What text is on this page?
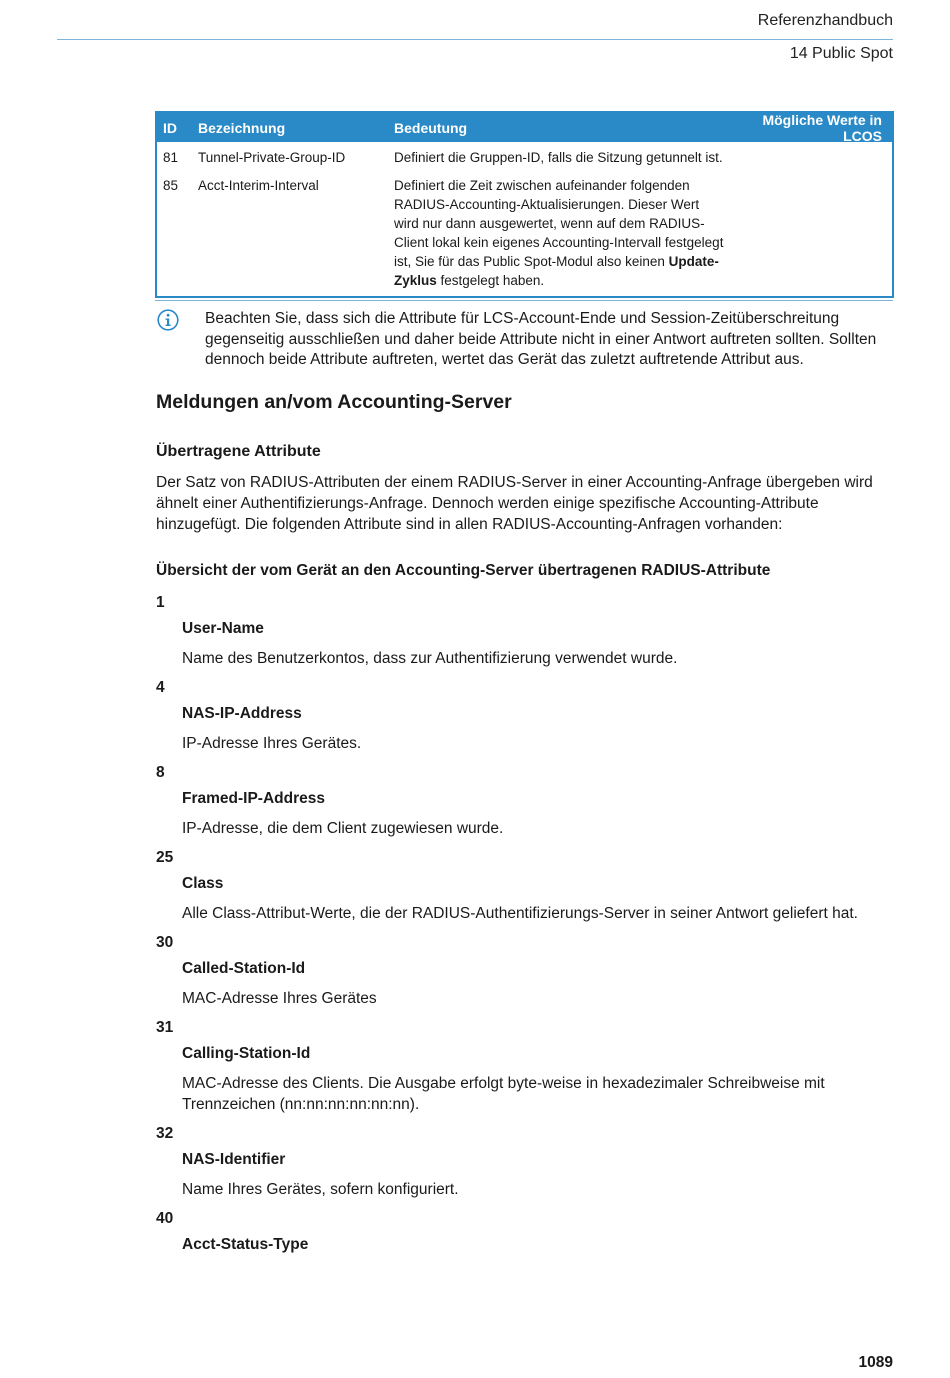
Referenzhandbuch
14 Public Spot
ID	Bezeichnung	Bedeutung	Mögliche Werte in LCOS
81	Tunnel-Private-Group-ID	Definiert die Gruppen-ID, falls die Sitzung getunnelt ist.
85	Acct-Interim-Interval	Definiert die Zeit zwischen aufeinander folgenden RADIUS-Accounting-Aktualisierungen. Dieser Wert wird nur dann ausgewertet, wenn auf dem RADIUS-Client lokal kein eigenes Accounting-Intervall festgelegt ist, Sie für das Public Spot-Modul also keinen Update-Zyklus festgelegt haben.
Beachten Sie, dass sich die Attribute für LCS-Account-Ende und Session-Zeitüberschreitung gegenseitig ausschließen und daher beide Attribute nicht in einer Antwort auftreten sollten. Sollten dennoch beide Attribute auftreten, wertet das Gerät das zuletzt auftretende Attribut aus.
Meldungen an/vom Accounting-Server
Übertragene Attribute
Der Satz von RADIUS-Attributen der einem RADIUS-Server in einer Accounting-Anfrage übergeben wird ähnelt einer Authentifizierungs-Anfrage. Dennoch werden einige spezifische Accounting-Attribute hinzugefügt. Die folgenden Attribute sind in allen RADIUS-Accounting-Anfragen vorhanden:
Übersicht der vom Gerät an den Accounting-Server übertragenen RADIUS-Attribute
1
User-Name
Name des Benutzerkontos, dass zur Authentifizierung verwendet wurde.
4
NAS-IP-Address
IP-Adresse Ihres Gerätes.
8
Framed-IP-Address
IP-Adresse, die dem Client zugewiesen wurde.
25
Class
Alle Class-Attribut-Werte, die der RADIUS-Authentifizierungs-Server in seiner Antwort geliefert hat.
30
Called-Station-Id
MAC-Adresse Ihres Gerätes
31
Calling-Station-Id
MAC-Adresse des Clients. Die Ausgabe erfolgt byte-weise in hexadezimaler Schreibweise mit Trennzeichen (nn:nn:nn:nn:nn:nn).
32
NAS-Identifier
Name Ihres Gerätes, sofern konfiguriert.
40
Acct-Status-Type
1089
